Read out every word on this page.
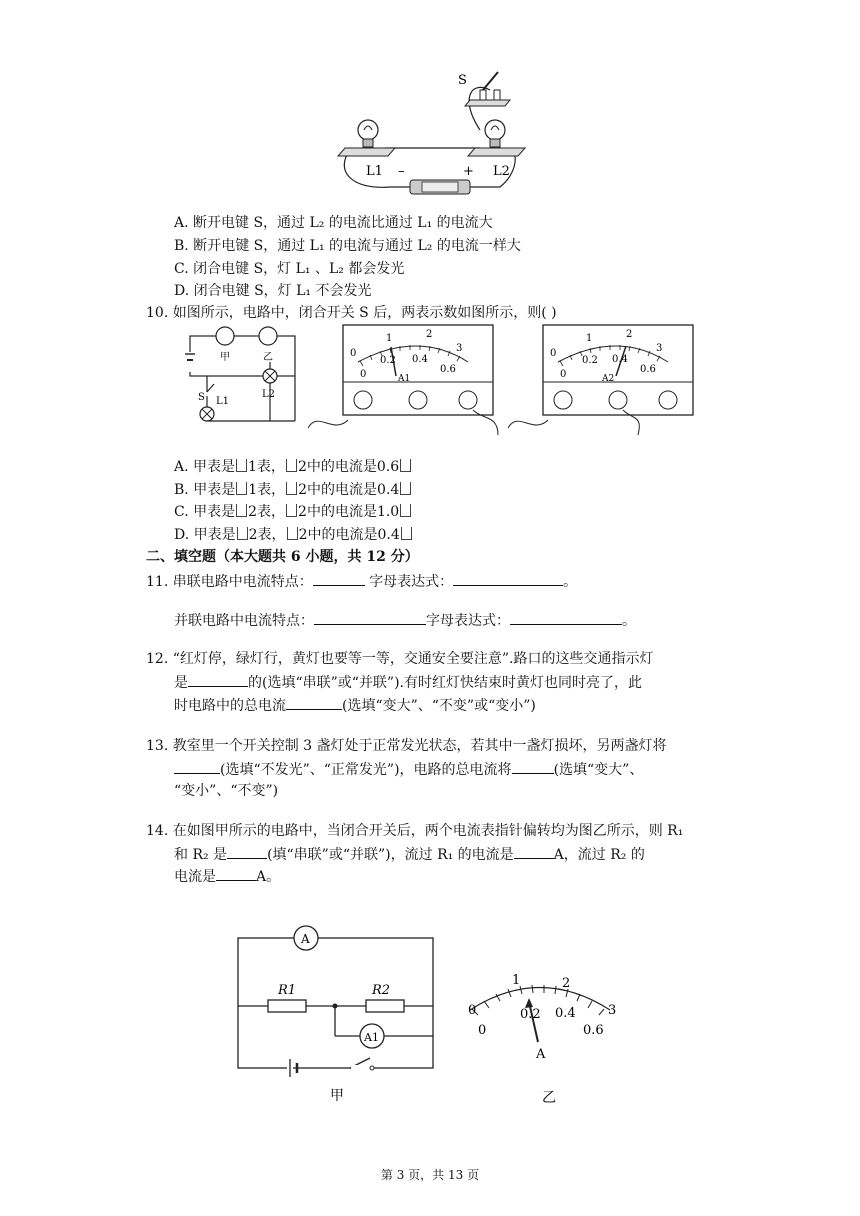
S
L1	L2
–	+
A. 断开电键 S，通过 L₂ 的电流比通过 L₁ 的电流大
B. 断开电键 S，通过 L₁ 的电流与通过 L₂ 的电流一样大
C. 闭合电键 S，灯 L₁ 、L₂ 都会发光
D. 闭合电键 S，灯 L₁ 不会发光
10. 如图所示，电路中，闭合开关 S 后，两表示数如图所示，则( )
甲	乙
S L1
L2
0
1	2
3
0
0.2 0.4
0.6
A1
0
1	2
3
0
0.2 0.4
0.6
A2
A. 甲表是 1表， 2中的电流是0.6
B. 甲表是 1表， 2中的电流是0.4
C. 甲表是 2表， 2中的电流是1.0
D. 甲表是 2表， 2中的电流是0.4
二、填空题（本大题共 6 小题，共 12 分）
11. 串联电路中电流特点：	字母表达式：	。
并联电路中电流特点：	字母表达式：	。
12. “红灯停，绿灯行，黄灯也要等一等，交通安全要注意”.路口的这些交通指示灯
是	的(选填“串联”或“并联”).有时红灯快结束时黄灯也同时亮了，此
时电路中的总电流	(选填“变大”、“不变”或“变小”)
13. 教室里一个开关控制 3 盏灯处于正常发光状态，若其中一盏灯损坏，另两盏灯将
(选填“不发光”、“正常发光”)，电路的总电流将	(选填“变大”、
“变小”、“不变”)
14. 在如图甲所示的电路中，当闭合开关后，两个电流表指针偏转均为图乙所示，则 R₁
和 R₂ 是	(填“串联”或“并联”)，流过 R₁ 的电流是	A，流过 R₂ 的
电流是	A。
A
A1
R1	R2
甲
0
0.2 0.4
0.6
0
1	2
3
A
乙
第 3 页，共 13 页
